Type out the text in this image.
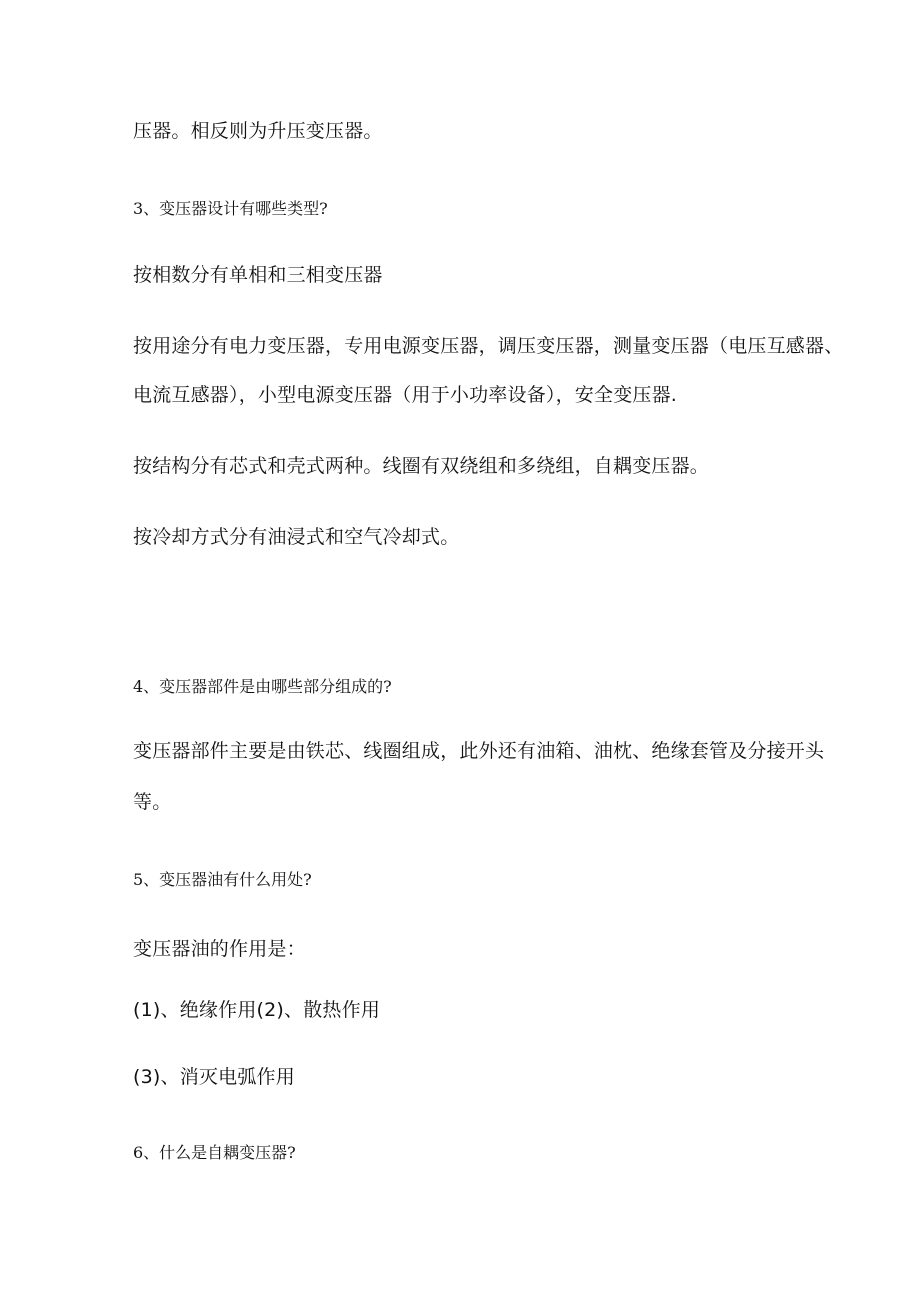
压器。相反则为升压变压器。
3、变压器设计有哪些类型?
按相数分有单相和三相变压器
按用途分有电力变压器，专用电源变压器，调压变压器，测量变压器（电压互感器、
电流互感器），小型电源变压器（用于小功率设备），安全变压器.
按结构分有芯式和壳式两种。线圈有双绕组和多绕组，自耦变压器。
按冷却方式分有油浸式和空气冷却式。
4、变压器部件是由哪些部分组成的?
变压器部件主要是由铁芯、线圈组成，此外还有油箱、油枕、绝缘套管及分接开头
等。
5、变压器油有什么用处?
变压器油的作用是：
(1)、绝缘作用(2)、散热作用
(3)、消灭电弧作用
6、什么是自耦变压器?
